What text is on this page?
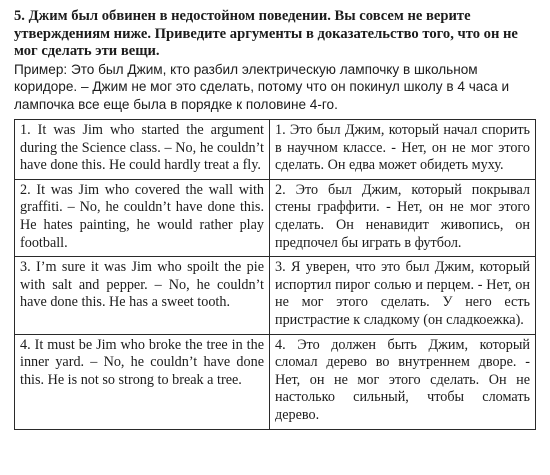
5. Джим был обвинен в недостойном поведении. Вы совсем не верите утверждениям ниже. Приведите аргументы в доказательство того, что он не мог сделать эти вещи.

Пример: Это был Джим, кто разбил электрическую лампочку в школьном коридоре. – Джим не мог это сделать, потому что он покинул школу в 4 часа и лампочка все еще была в порядке к половине 4-го.

1. It was Jim who started the argument during the Science class. – No, he couldn’t have done this. He could hardly treat a fly.	1. Это был Джим, который начал спорить в научном классе. - Нет, он не мог этого сделать. Он едва может обидеть муху.
2. It was Jim who covered the wall with graffiti. – No, he couldn’t have done this. He hates painting, he would rather play football.	2. Это был Джим, который покрывал стены граффити. - Нет, он не мог этого сделать. Он ненавидит живопись, он предпочел бы играть в футбол.
3. I’m sure it was Jim who spoilt the pie with salt and pepper. – No, he couldn’t have done this. He has a sweet tooth.	3. Я уверен, что это был Джим, который испортил пирог солью и перцем. - Нет, он не мог этого сделать. У него есть пристрастие к сладкому (он сладкоежка).
4. It must be Jim who broke the tree in the inner yard. – No, he couldn’t have done this. He is not so strong to break a tree.	4. Это должен быть Джим, который сломал дерево во внутреннем дворе. - Нет, он не мог этого сделать. Он не настолько сильный, чтобы сломать дерево.
